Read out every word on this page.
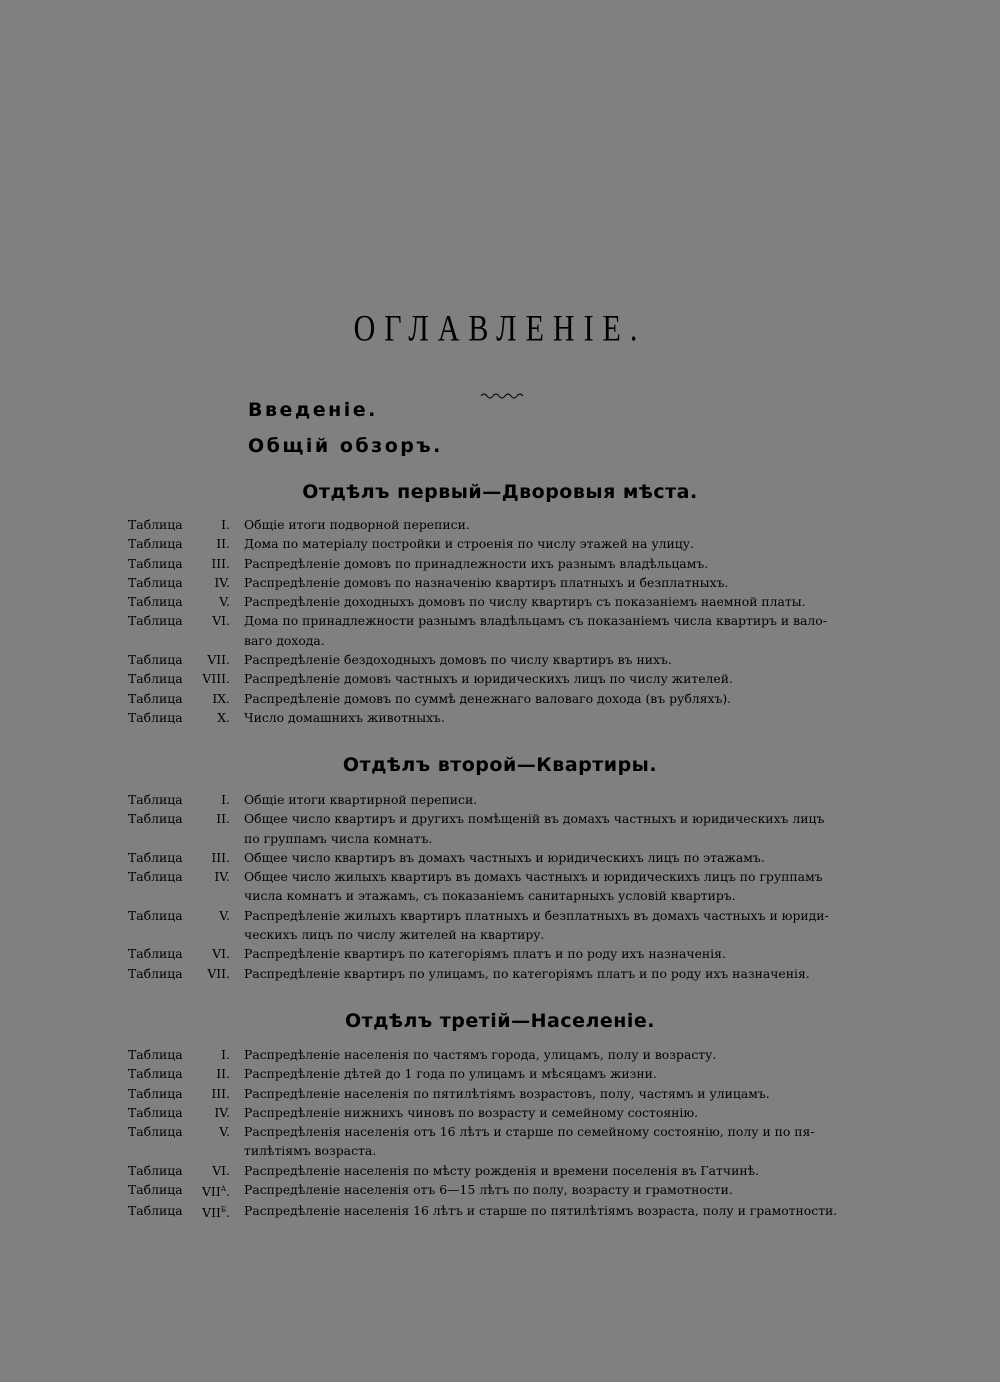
ОГЛАВЛЕНІЕ.
Введеніе.
Общій обзоръ.
Отдѣлъ первый—Дворовыя мѣста.
Таблица	I.	Общіе итоги подворной переписи.
Таблица	II.	Дома по матеріалу постройки и строенія по числу этажей на улицу.
Таблица	III.	Распредѣленіе домовъ по принадлежности ихъ разнымъ владѣльцамъ.
Таблица	IV.	Распредѣленіе домовъ по назначенію квартиръ платныхъ и безплатныхъ.
Таблица	V.	Распредѣленіе доходныхъ домовъ по числу квартиръ съ показаніемъ наемной платы.
Таблица	VI.	Дома по принадлежности разнымъ владѣльцамъ съ показаніемъ числа квартиръ и вало-
ваго дохода.
Таблица	VII.	Распредѣленіе бездоходныхъ домовъ по числу квартиръ въ нихъ.
Таблица	VIII.	Распредѣленіе домовъ частныхъ и юридическихъ лицъ по числу жителей.
Таблица	IX.	Распредѣленіе домовъ по суммѣ денежнаго валоваго дохода (въ рубляхъ).
Таблица	X.	Число домашнихъ животныхъ.
Отдѣлъ второй—Квартиры.
Таблица	I.	Общіе итоги квартирной переписи.
Таблица	II.	Общее число квартиръ и другихъ помѣщеній въ домахъ частныхъ и юридическихъ лицъ
по группамъ числа комнатъ.
Таблица	III.	Общее число квартиръ въ домахъ частныхъ и юридическихъ лицъ по этажамъ.
Таблица	IV.	Общее число жилыхъ квартиръ въ домахъ частныхъ и юридическихъ лицъ по группамъ
числа комнатъ и этажамъ, съ показаніемъ санитарныхъ условій квартиръ.
Таблица	V.	Распредѣленіе жилыхъ квартиръ платныхъ и безплатныхъ въ домахъ частныхъ и юриди-
ческихъ лицъ по числу жителей на квартиру.
Таблица	VI.	Распредѣленіе квартиръ по категоріямъ платъ и по роду ихъ назначенія.
Таблица	VII.	Распредѣленіе квартиръ по улицамъ, по категоріямъ платъ и по роду ихъ назначенія.
Отдѣлъ третій—Населеніе.
Таблица	I.	Распредѣленіе населенія по частямъ города, улицамъ, полу и возрасту.
Таблица	II.	Распредѣленіе дѣтей до 1 года по улицамъ и мѣсяцамъ жизни.
Таблица	III.	Распредѣленіе населенія по пятилѣтіямъ возрастовъ, полу, частямъ и улицамъ.
Таблица	IV.	Распредѣленіе нижнихъ чиновъ по возрасту и семейному состоянію.
Таблица	V.	Распредѣленія населенія отъ 16 лѣтъ и старше по семейному состоянію, полу и по пя-
тилѣтіямъ возраста.
Таблица	VI.	Распредѣленіе населенія по мѣсту рожденія и времени поселенія въ Гатчинѣ.
Таблица	$VII^А$.	Распредѣленіе населенія отъ 6—15 лѣтъ по полу, возрасту и грамотности.
Таблица	$VII^Б$.	Распредѣленіе населенія 16 лѣтъ и старше по пятилѣтіямъ возраста, полу и грамотности.
